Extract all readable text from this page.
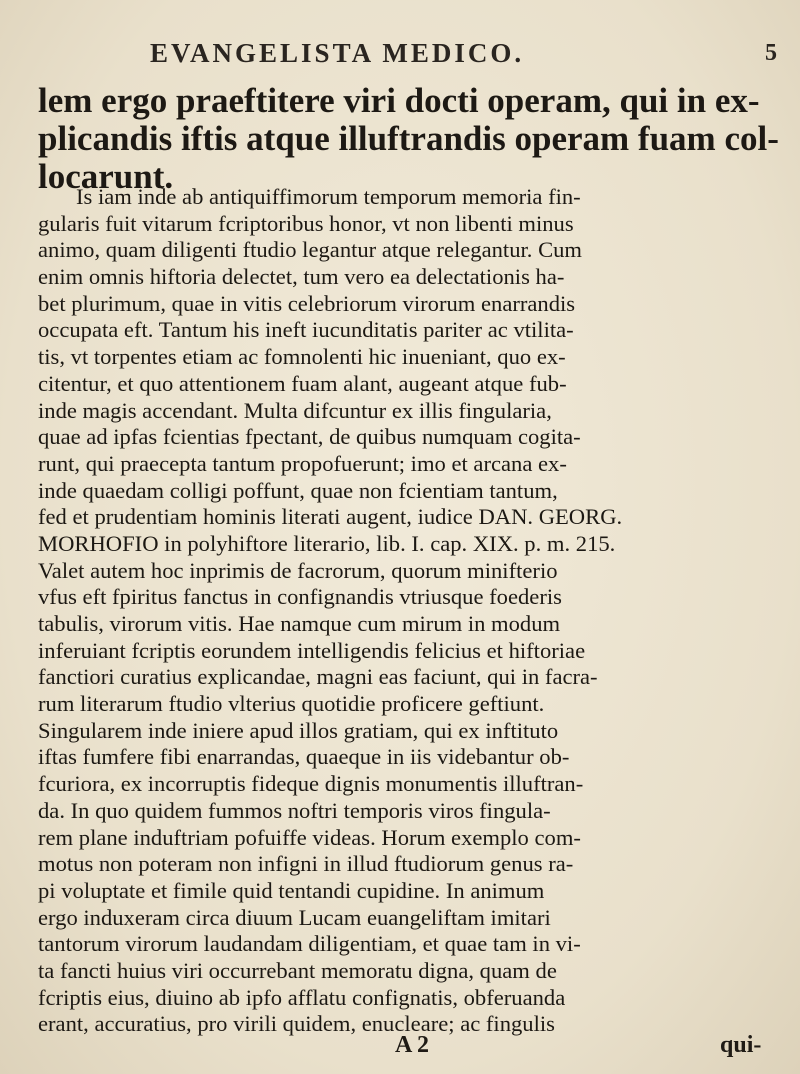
EVANGELISTA MEDICO.	5
lem ergo praeftitere viri docti operam, qui in ex-
plicandis iftis atque illuftrandis operam fuam col-
locarunt.
Is iam inde ab antiquiffimorum temporum memoria fin-
gularis fuit vitarum fcriptoribus honor, vt non libenti minus
animo, quam diligenti ftudio legantur atque relegantur. Cum
enim omnis hiftoria delectet, tum vero ea delectationis ha-
bet plurimum, quae in vitis celebriorum virorum enarrandis
occupata eft. Tantum his ineft iucunditatis pariter ac vtilita-
tis, vt torpentes etiam ac fomnolenti hic inueniant, quo ex-
citentur, et quo attentionem fuam alant, augeant atque fub-
inde magis accendant. Multa difcuntur ex illis fingularia,
quae ad ipfas fcientias fpectant, de quibus numquam cogita-
runt, qui praecepta tantum propofuerunt; imo et arcana ex-
inde quaedam colligi poffunt, quae non fcientiam tantum,
fed et prudentiam hominis literati augent, iudice DAN. GEORG.
MORHOFIO in polyhiftore literario, lib. I. cap. XIX. p. m. 215.
Valet autem hoc inprimis de facrorum, quorum minifterio
vfus eft fpiritus fanctus in confignandis vtriusque foederis
tabulis, virorum vitis. Hae namque cum mirum in modum
inferuiant fcriptis eorundem intelligendis felicius et hiftoriae
fanctiori curatius explicandae, magni eas faciunt, qui in facra-
rum literarum ftudio vlterius quotidie proficere geftiunt.
Singularem inde iniere apud illos gratiam, qui ex inftituto
iftas fumfere fibi enarrandas, quaeque in iis videbantur ob-
fcuriora, ex incorruptis fideque dignis monumentis illuftran-
da. In quo quidem fummos noftri temporis viros fingula-
rem plane induftriam pofuiffe videas. Horum exemplo com-
motus non poteram non infigni in illud ftudiorum genus ra-
pi voluptate et fimile quid tentandi cupidine. In animum
ergo induxeram circa diuum Lucam euangeliftam imitari
tantorum virorum laudandam diligentiam, et quae tam in vi-
ta fancti huius viri occurrebant memoratu digna, quam de
fcriptis eius, diuino ab ipfo afflatu confignatis, obferuanda
erant, accuratius, pro virili quidem, enucleare; ac fingulis
A 2	qui-
